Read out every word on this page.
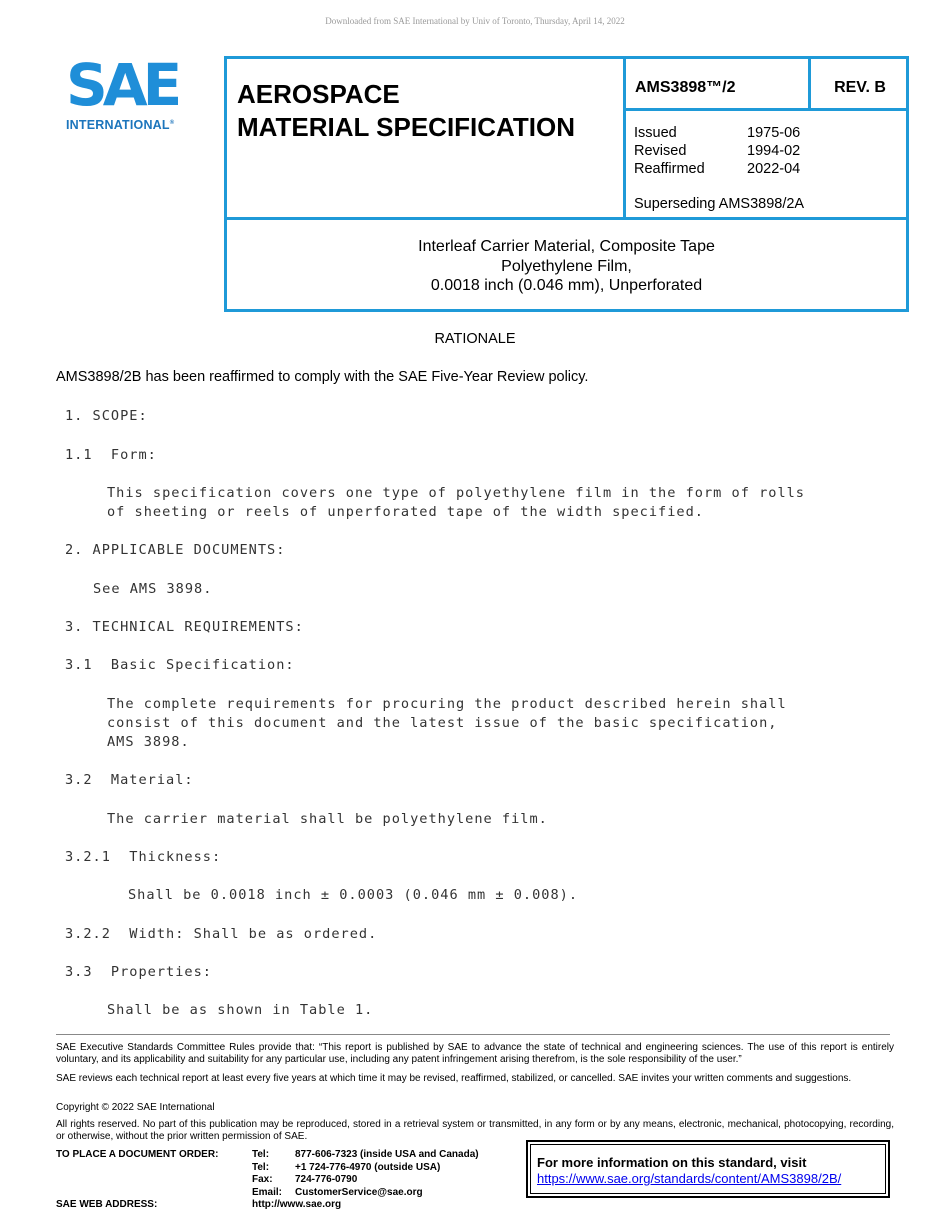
Downloaded from SAE International by Univ of Toronto, Thursday, April 14, 2022
SAE
INTERNATIONAL®
AEROSPACE
MATERIAL SPECIFICATION
AMS3898™/2	REV. B
Issued	1975-06
Revised	1994-02
Reaffirmed	2022-04
Superseding AMS3898/2A
Interleaf Carrier Material, Composite Tape
Polyethylene Film,
0.0018 inch (0.046 mm), Unperforated
RATIONALE
AMS3898/2B has been reaffirmed to comply with the SAE Five-Year Review policy.
1. SCOPE:
1.1  Form:
This specification covers one type of polyethylene film in the form of rolls
of sheeting or reels of unperforated tape of the width specified.
2. APPLICABLE DOCUMENTS:
See AMS 3898.
3. TECHNICAL REQUIREMENTS:
3.1  Basic Specification:
The complete requirements for procuring the product described herein shall
consist of this document and the latest issue of the basic specification,
AMS 3898.
3.2  Material:
The carrier material shall be polyethylene film.
3.2.1  Thickness:
Shall be 0.0018 inch ± 0.0003 (0.046 mm ± 0.008).
3.2.2  Width: Shall be as ordered.
3.3  Properties:
Shall be as shown in Table 1.
SAE Executive Standards Committee Rules provide that: “This report is published by SAE to advance the state of technical and engineering sciences. The use of this report is entirely voluntary, and its applicability and suitability for any particular use, including any patent infringement arising therefrom, is the sole responsibility of the user.”
SAE reviews each technical report at least every five years at which time it may be revised, reaffirmed, stabilized, or cancelled. SAE invites your written comments and suggestions.
Copyright © 2022 SAE International
All rights reserved. No part of this publication may be reproduced, stored in a retrieval system or transmitted, in any form or by any means, electronic, mechanical, photocopying, recording, or otherwise, without the prior written permission of SAE.
TO PLACE A DOCUMENT ORDER:	Tel:	877-606-7323 (inside USA and Canada)
Tel:	+1 724-776-4970 (outside USA)
Fax: 724-776-0790
Email: CustomerService@sae.org
SAE WEB ADDRESS:	http://www.sae.org
For more information on this standard, visit
https://www.sae.org/standards/content/AMS3898/2B/
